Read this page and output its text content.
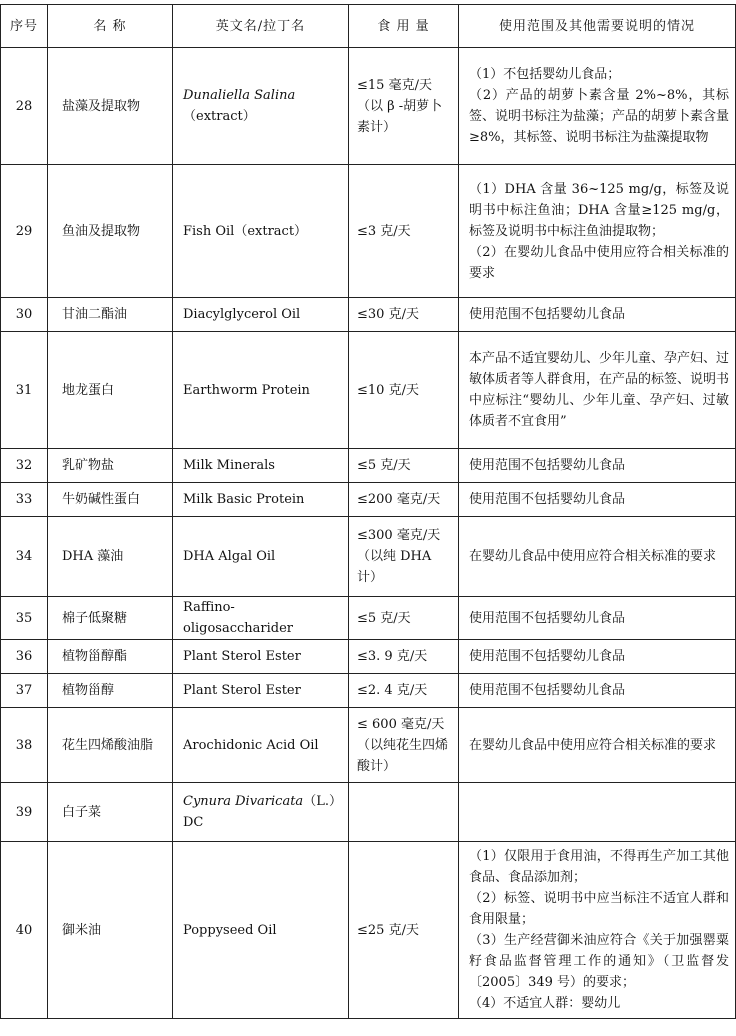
序号	名 称	英文名/拉丁名	食 用 量	使用范围及其他需要说明的情况
28	盐藻及提取物	Dunaliella Salina（extract）	≤15 毫克/天（以 β -胡萝卜素计）	（1）不包括婴幼儿食品；
（2）产品的胡萝卜素含量 2%~8%，其标签、说明书标注为盐藻；产品的胡萝卜素含量≥8%，其标签、说明书标注为盐藻提取物

29	鱼油及提取物	Fish Oil（extract）	≤3 克/天	（1）DHA 含量 36~125 mg/g，标签及说明书中标注鱼油；DHA 含量≥125 mg/g，标签及说明书中标注鱼油提取物；
（2）在婴幼儿食品中使用应符合相关标准的要求

30	甘油二酯油	Diacylglycerol Oil	≤30 克/天	使用范围不包括婴幼儿食品

31	地龙蛋白	Earthworm Protein	≤10 克/天	本产品不适宜婴幼儿、少年儿童、孕产妇、过敏体质者等人群食用，在产品的标签、说明书中应标注“婴幼儿、少年儿童、孕产妇、过敏体质者不宜食用”

32	乳矿物盐	Milk Minerals	≤5 克/天	使用范围不包括婴幼儿食品

33	牛奶碱性蛋白	Milk Basic Protein	≤200 毫克/天	使用范围不包括婴幼儿食品

34	DHA 藻油	DHA Algal Oil	≤300 毫克/天（以纯 DHA 计）	在婴幼儿食品中使用应符合相关标准的要求

35	棉子低聚糖	Raffino-oligosaccharider	≤5 克/天	使用范围不包括婴幼儿食品

36	植物甾醇酯	Plant Sterol Ester	≤3. 9 克/天	使用范围不包括婴幼儿食品

37	植物甾醇	Plant Sterol Ester	≤2. 4 克/天	使用范围不包括婴幼儿食品

38	花生四烯酸油脂	Arochidonic Acid Oil	≤ 600 毫克/天（以纯花生四烯酸计）	在婴幼儿食品中使用应符合相关标准的要求

39	白子菜	Cynura Divaricata（L.）DC		
40	御米油	Poppyseed Oil	≤25 克/天	（1）仅限用于食用油，不得再生产加工其他食品、食品添加剂；
（2）标签、说明书中应当标注不适宜人群和食用限量；
（3）生产经营御米油应符合《关于加强罂粟籽食品监督管理工作的通知》（卫监督发〔2005〕349 号）的要求；
（4）不适宜人群：婴幼儿
